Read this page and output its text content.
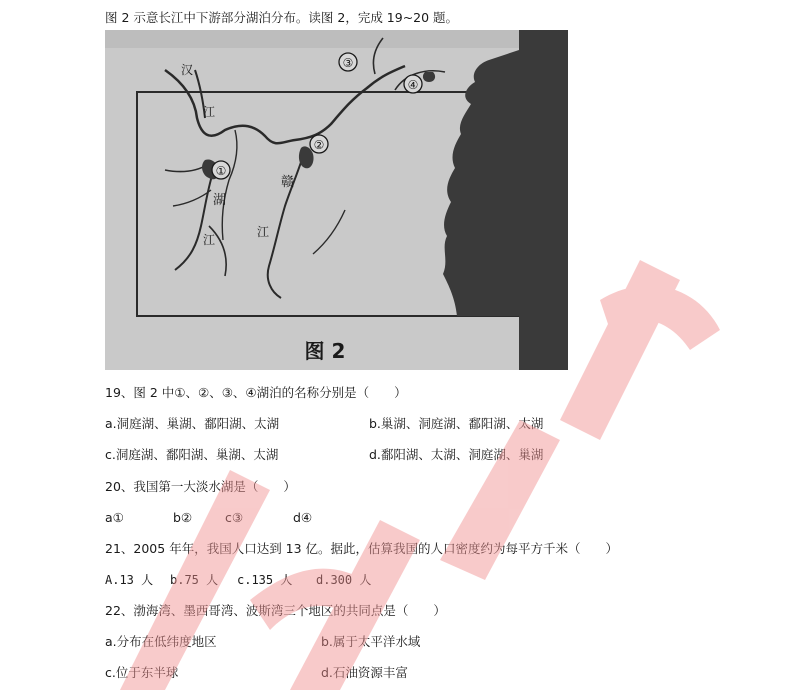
图 2 示意长江中下游部分湖泊分布。读图 2，完成 19~20 题。
①
②
③
④
汉
江
湖
赣
江
江
图 2
19、图 2 中①、②、③、④湖泊的名称分别是（　　）
a.洞庭湖、巢湖、鄱阳湖、太湖	b.巢湖、洞庭湖、鄱阳湖、太湖
c.洞庭湖、鄱阳湖、巢湖、太湖	d.鄱阳湖、太湖、洞庭湖、巢湖
20、我国第一大淡水湖是（　　）
a①	b②	c③	d④
21、2005 年年，我国人口达到 13 亿。据此，估算我国的人口密度约为每平方千米（　　）
A.13 人 b.75 人 c.135 人 d.300 人
22、渤海湾、墨西哥湾、波斯湾三个地区的共同点是（　　）
a.分布在低纬度地区	b.属于太平洋水域
c.位于东半球	d.石油资源丰富
